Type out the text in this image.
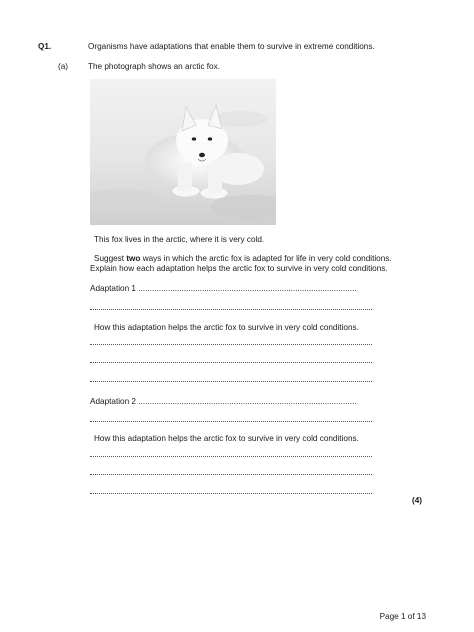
Q1.	Organisms have adaptations that enable them to survive in extreme conditions.
(a) The photograph shows an arctic fox.
This fox lives in the arctic, where it is very cold.
Suggest two ways in which the arctic fox is adapted for life in very cold conditions.
Explain how each adaptation helps the arctic fox to survive in very cold conditions.
Adaptation 1 ................................................................................................
How this adaptation helps the arctic fox to survive in very cold conditions.
Adaptation 2 ................................................................................................
How this adaptation helps the arctic fox to survive in very cold conditions.
(4)
Page 1 of 13
